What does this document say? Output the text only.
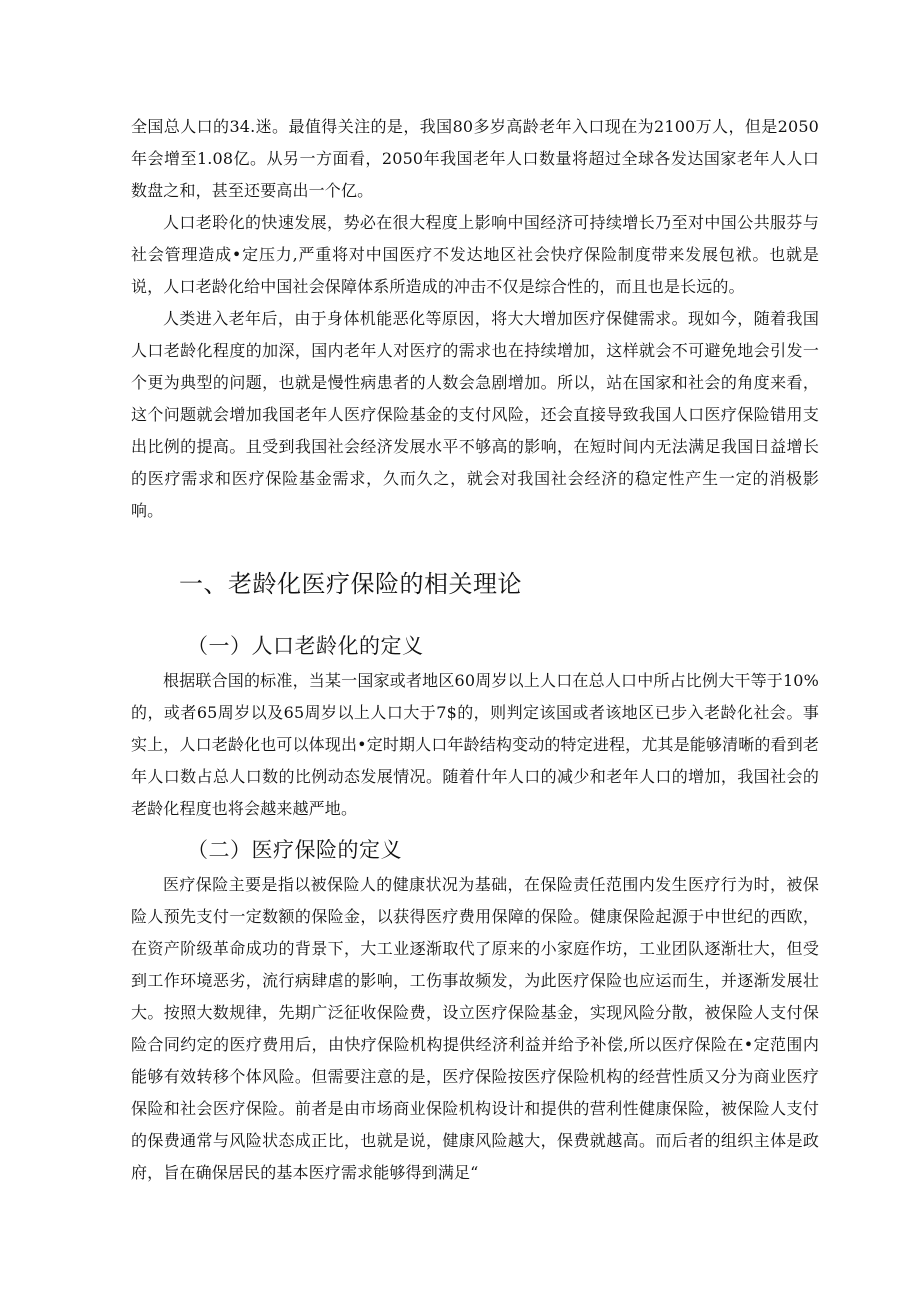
全国总人口的34.迷。最值得关注的是，我国80多岁高龄老年入口现在为2100万人，但是2050年会增至1.08亿。从另一方面看，2050年我国老年人口数量将超过全球各发达国家老年人人口数盘之和，甚至还要高出一个亿。

人口老聆化的快速发展，势必在很大程度上影响中国经济可持续增长乃至对中国公共服芬与社会管理造成•定压力,严重将对中国医疗不发达地区社会快疗保险制度带来发展包袱。也就是说，人口老龄化给中国社会保障体系所造成的冲击不仅是综合性的，而且也是长远的。

人类进入老年后，由于身体机能恶化等原因，将大大增加医疗保健需求。现如今，随着我国人口老龄化程度的加深，国内老年人对医疗的需求也在持续增加，这样就会不可避免地会引发一个更为典型的问题，也就是慢性病患者的人数会急剧增加。所以，站在国家和社会的角度来看，这个问题就会增加我国老年人医疗保险基金的支付风险，还会直接导致我国人口医疗保险错用支出比例的提高。且受到我国社会经济发展水平不够高的影响，在短时间内无法满足我国日益增长的医疗需求和医疗保险基金需求，久而久之，就会对我国社会经济的稳定性产生一定的消极影响。

一、老龄化医疗保险的相关理论
（一）人口老龄化的定义

根据联合国的标准，当某一国家或者地区60周岁以上人口在总人口中所占比例大干等于10%的，或者65周岁以及65周岁以上人口大于7$的，则判定该国或者该地区已步入老龄化社会。事实上，人口老龄化也可以体现出•定时期人口年龄结构变动的特定进程，尤其是能够清晰的看到老年人口数占总人口数的比例动态发展情况。随着什年人口的减少和老年人口的增加，我国社会的老龄化程度也将会越来越严地。

（二）医疗保险的定义

医疗保险主要是指以被保险人的健康状况为基础，在保险责任范围内发生医疗行为时，被保险人预先支付一定数额的保险金，以获得医疗费用保障的保险。健康保险起源于中世纪的西欧，在资产阶级革命成功的背景下，大工业逐渐取代了原来的小家庭作坊，工业团队逐渐壮大，但受到工作环境恶劣，流行病肆虐的影响，工伤事故频发，为此医疗保险也应运而生，并逐渐发展壮大。按照大数规律，先期广泛征收保险费，设立医疗保险基金，实现风险分散，被保险人支付保险合同约定的医疗费用后，由快疗保险机构提供经济利益并给予补偿,所以医疗保险在•定范围内能够有效转移个体风险。但需要注意的是，医疗保险按医疗保险机构的经营性质又分为商业医疗保险和社会医疗保险。前者是由市场商业保险机构设计和提供的营利性健康保险，被保险人支付的保费通常与风险状态成正比，也就是说，健康风险越大，保费就越高。而后者的组织主体是政府，旨在确保居民的基本医疗需求能够得到满足“
